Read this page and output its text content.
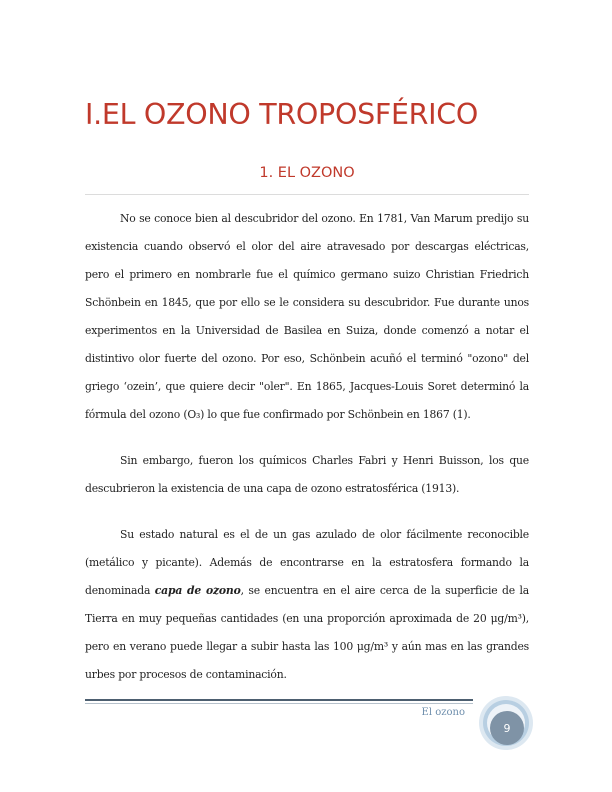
I.EL OZONO TROPOSFÉRICO
1. EL OZONO

No se conoce bien al descubridor del ozono. En 1781, Van Marum predijo su existencia cuando observó el olor del aire atravesado por descargas eléctricas, pero el primero en nombrarle fue el químico germano suizo Christian Friedrich Schönbein en 1845, que por ello se le considera su descubridor. Fue durante unos experimentos en la Universidad de Basilea en Suiza, donde comenzó a notar el distintivo olor fuerte del ozono. Por eso, Schönbein acuñó el terminó "ozono" del griego ‘ozein’, que quiere decir "oler". En 1865, Jacques-Louis Soret determinó la fórmula del ozono (O₃) lo que fue confirmado por Schönbein en 1867 (1).

Sin embargo, fueron los químicos Charles Fabri y Henri Buisson, los que descubrieron la existencia de una capa de ozono estratosférica (1913).

Su estado natural es el de un gas azulado de olor fácilmente reconocible (metálico y picante). Además de encontrarse en la estratosfera formando la denominada capa de ozono, se encuentra en el aire cerca de la superficie de la Tierra en muy pequeñas cantidades (en una proporción aproximada de 20 μg/m³), pero en verano puede llegar a subir hasta las 100 μg/m³ y aún mas en las grandes urbes por procesos de contaminación.

El ozono
9
